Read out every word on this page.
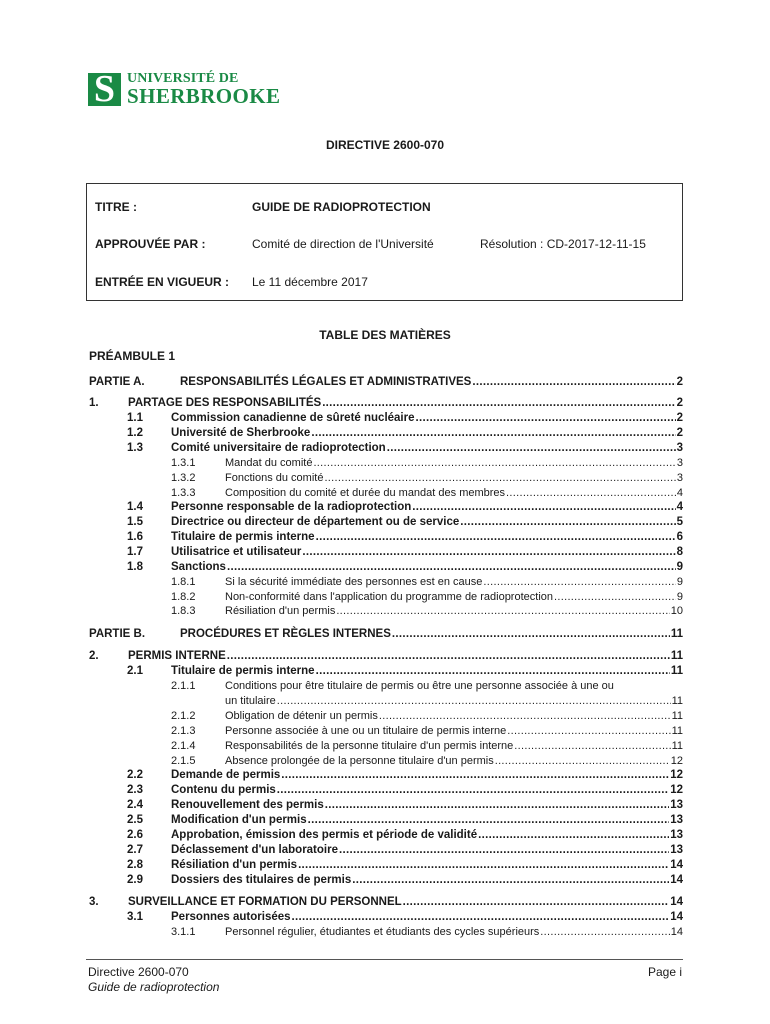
S UNIVERSITÉ DE
SHERBROOKE
DIRECTIVE 2600-070
TITRE :	GUIDE DE RADIOPROTECTION
APPROUVÉE PAR :	Comité de direction de l'Université	Résolution : CD-2017-12-11-15
ENTRÉE EN VIGUEUR : Le 11 décembre 2017
TABLE DES MATIÈRES
PRÉAMBULE 1
PARTIE A.	RESPONSABILITÉS LÉGALES ET ADMINISTRATIVES .....	2
1.	PARTAGE DES RESPONSABILITÉS .....	2
1.1 Commission canadienne de sûreté nucléaire .....	2
1.2 Université de Sherbrooke .....	2
1.3 Comité universitaire de radioprotection .....	3
1.3.1	Mandat du comité .....	3
1.3.2	Fonctions du comité .....	3
1.3.3	Composition du comité et durée du mandat des membres .....	4
1.4 Personne responsable de la radioprotection .....	4
1.5 Directrice ou directeur de département ou de service .....	5
1.6 Titulaire de permis interne .....	6
1.7 Utilisatrice et utilisateur .....	8
1.8 Sanctions .....	9
1.8.1	Si la sécurité immédiate des personnes est en cause .....	9
1.8.2	Non-conformité dans l'application du programme de radioprotection .....	9
1.8.3	Résiliation d'un permis .....	10
PARTIE B.	PROCÉDURES ET RÈGLES INTERNES .....	11
2.	PERMIS INTERNE .....	11
2.1 Titulaire de permis interne .....	11
2.1.1	Conditions pour être titulaire de permis ou être une personne associée à une ou
un titulaire .....	11
2.1.2	Obligation de détenir un permis .....	11
2.1.3	Personne associée à une ou un titulaire de permis interne .....	11
2.1.4	Responsabilités de la personne titulaire d'un permis interne .....	11
2.1.5	Absence prolongée de la personne titulaire d'un permis .....	12
2.2 Demande de permis .....	12
2.3 Contenu du permis .....	12
2.4 Renouvellement des permis .....	13
2.5 Modification d'un permis .....	13
2.6 Approbation, émission des permis et période de validité .....	13
2.7 Déclassement d'un laboratoire .....	13
2.8 Résiliation d'un permis .....	14
2.9 Dossiers des titulaires de permis .....	14
3.	SURVEILLANCE ET FORMATION DU PERSONNEL .....	14
3.1 Personnes autorisées .....	14
3.1.1	Personnel régulier, étudiantes et étudiants des cycles supérieurs .....	14
Directive 2600-070
Guide de radioprotection
Page i
